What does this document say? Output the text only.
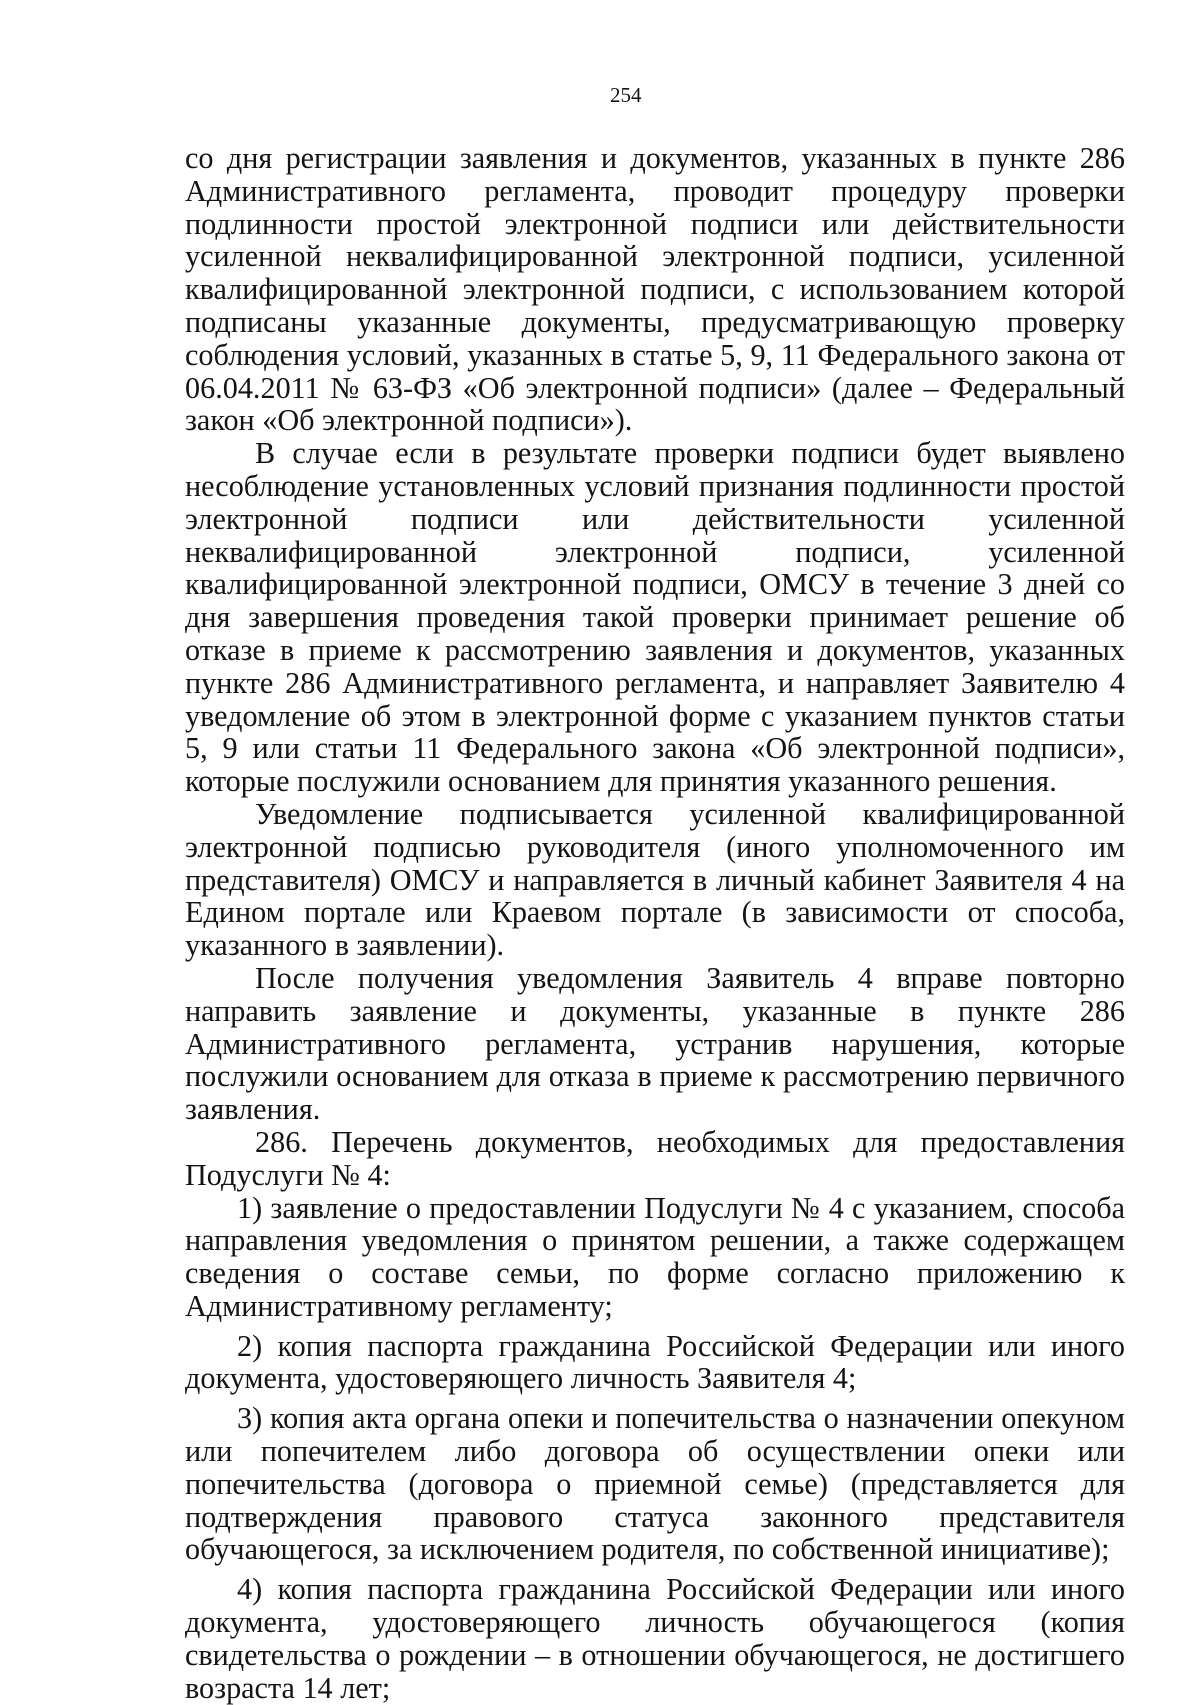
254

со дня регистрации заявления и документов, указанных в пункте 286 Административного регламента, проводит процедуру проверки подлинности простой электронной подписи или действительности усиленной неквалифицированной электронной подписи, усиленной квалифицированной электронной подписи, с использованием которой подписаны указанные документы, предусматривающую проверку соблюдения условий, указанных в статье 5, 9, 11 Федерального закона от 06.04.2011 № 63-ФЗ «Об электронной подписи» (далее – Федеральный закон «Об электронной подписи»).

В случае если в результате проверки подписи будет выявлено несоблюдение установленных условий признания подлинности простой электронной подписи или действительности усиленной неквалифицированной электронной подписи, усиленной квалифицированной электронной подписи, ОМСУ в течение 3 дней со дня завершения проведения такой проверки принимает решение об отказе в приеме к рассмотрению заявления и документов, указанных пункте 286 Административного регламента, и направляет Заявителю 4 уведомление об этом в электронной форме с указанием пунктов статьи 5, 9 или статьи 11 Федерального закона «Об электронной подписи», которые послужили основанием для принятия указанного решения.

Уведомление подписывается усиленной квалифицированной электронной подписью руководителя (иного уполномоченного им представителя) ОМСУ и направляется в личный кабинет Заявителя 4 на Едином портале или Краевом портале (в зависимости от способа, указанного в заявлении).

После получения уведомления Заявитель 4 вправе повторно направить заявление и документы, указанные в пункте 286 Административного регламента, устранив нарушения, которые послужили основанием для отказа в приеме к рассмотрению первичного заявления.

286. Перечень документов, необходимых для предоставления Подуслуги № 4:

1) заявление о предоставлении Подуслуги № 4 с указанием, способа направления уведомления о принятом решении, а также содержащем сведения о составе семьи, по форме согласно приложению к Административному регламенту;

2) копия паспорта гражданина Российской Федерации или иного документа, удостоверяющего личность Заявителя 4;

3) копия акта органа опеки и попечительства о назначении опекуном или попечителем либо договора об осуществлении опеки или попечительства (договора о приемной семье) (представляется для подтверждения правового статуса законного представителя обучающегося, за исключением родителя, по собственной инициативе);

4) копия паспорта гражданина Российской Федерации или иного документа, удостоверяющего личность обучающегося (копия свидетельства о рождении – в отношении обучающегося, не достигшего возраста 14 лет;
